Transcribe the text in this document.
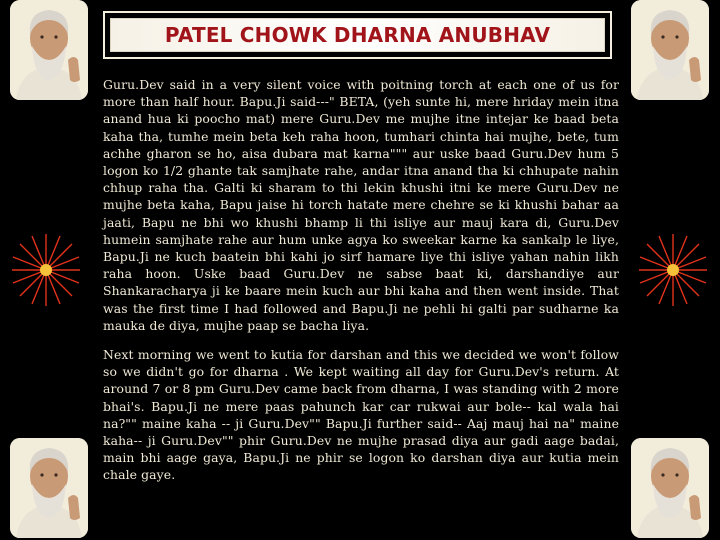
PATEL CHOWK DHARNA ANUBHAV

Guru.Dev said in a very silent voice with poitning torch at each one of us for more than half hour. Bapu.Ji said---" BETA, (yeh sunte hi, mere hriday mein itna anand hua ki poocho mat) mere Guru.Dev me mujhe itne intejar ke baad beta kaha tha, tumhe mein beta keh raha hoon, tumhari chinta hai mujhe, bete, tum achhe gharon se ho, aisa dubara mat karna""" aur uske baad Guru.Dev hum 5 logon ko 1/2 ghante tak samjhate rahe, andar itna anand tha ki chhupate nahin chhup raha tha. Galti ki sharam to thi lekin khushi itni ke mere Guru.Dev ne mujhe beta kaha, Bapu jaise hi torch hatate mere chehre se ki khushi bahar aa jaati, Bapu ne bhi wo khushi bhamp li thi isliye aur mauj kara di, Guru.Dev humein samjhate rahe aur hum unke agya ko sweekar karne ka sankalp le liye, Bapu.Ji ne kuch baatein bhi kahi jo sirf hamare liye thi isliye yahan nahin likh raha hoon. Uske baad Guru.Dev ne sabse baat ki, darshandiye aur Shankaracharya ji ke baare mein kuch aur bhi kaha and then went inside. That was the first time I had followed and Bapu.Ji ne pehli hi galti par sudharne ka mauka de diya, mujhe paap se bacha liya.

Next morning we went to kutia for darshan and this we decided we won't follow so we didn't go for dharna . We kept waiting all day for Guru.Dev's return. At around 7 or 8 pm Guru.Dev came back from dharna, I was standing with 2 more bhai's. Bapu.Ji ne mere paas pahunch kar car rukwai aur bole-- kal wala hai na?"" maine kaha -- ji Guru.Dev"" Bapu.Ji further said-- Aaj mauj hai na" maine kaha-- ji Guru.Dev"" phir Guru.Dev ne mujhe prasad diya aur gadi aage badai, main bhi aage gaya, Bapu.Ji ne phir se logon ko darshan diya aur kutia mein chale gaye.
